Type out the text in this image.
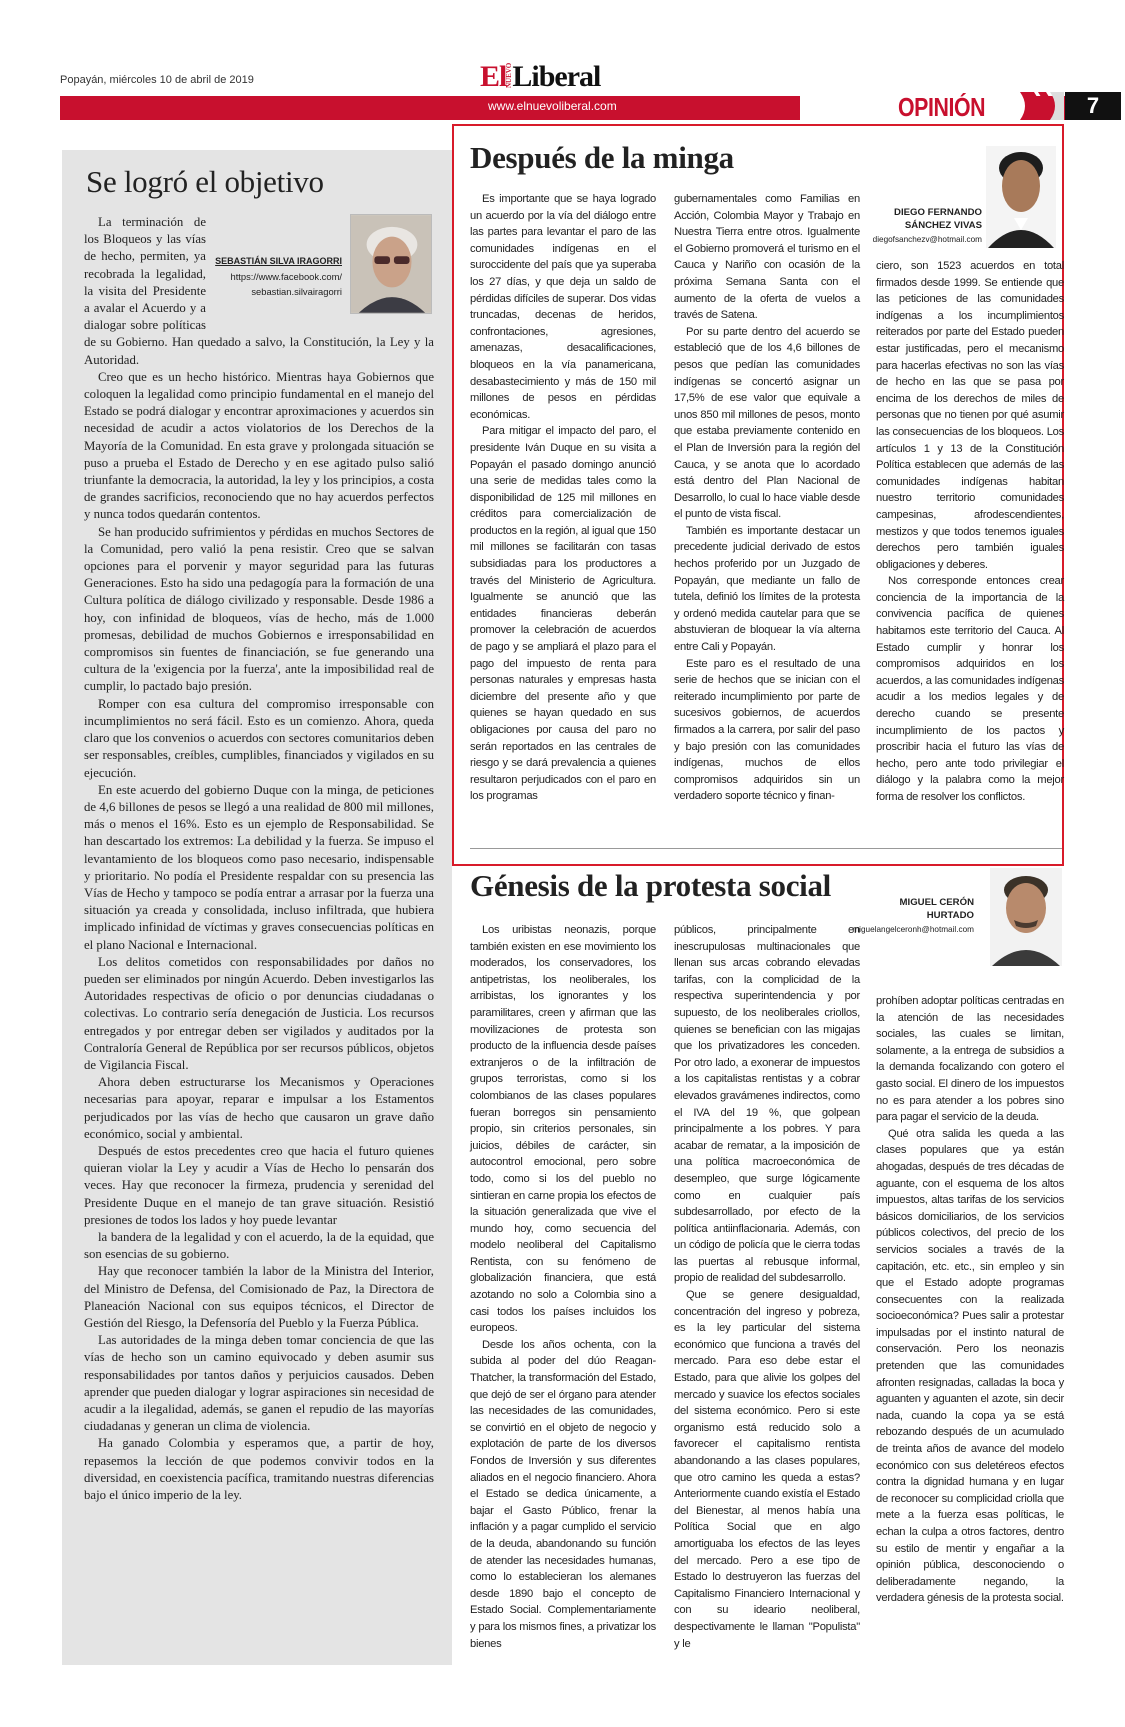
Popayán, miércoles 10 de abril de 2019	ElNUEVOLiberal
www.elnuevoliberal.com	OPINIÓN	7
Se logró el objetivo
SEBASTIÁN SILVA IRAGORRI
https://www.facebook.com/
sebastian.silvairagorri

La terminación de los Bloqueos y las vías de hecho, permiten, ya recobrada la legalidad, la visita del Presidente a avalar el Acuerdo y a dialogar sobre políticas de su Gobierno. Han quedado a salvo, la Constitución, la Ley y la Autoridad.

Creo que es un hecho histórico. Mientras haya Gobiernos que coloquen la legalidad como principio fundamental en el manejo del Estado se podrá dialogar y encontrar aproximaciones y acuerdos sin necesidad de acudir a actos violatorios de los Derechos de la Mayoría de la Comunidad. En esta grave y prolongada situación se puso a prueba el Estado de Derecho y en ese agitado pulso salió triunfante la democracia, la autoridad, la ley y los principios, a costa de grandes sacrificios, reconociendo que no hay acuerdos perfectos y nunca todos quedarán contentos.

Se han producido sufrimientos y pérdidas en muchos Sectores de la Comunidad, pero valió la pena resistir. Creo que se salvan opciones para el porvenir y mayor seguridad para las futuras Generaciones. Esto ha sido una pedagogía para la formación de una Cultura política de diálogo civilizado y responsable. Desde 1986 a hoy, con infinidad de bloqueos, vías de hecho, más de 1.000 promesas, debilidad de muchos Gobiernos e irresponsabilidad en compromisos sin fuentes de financiación, se fue generando una cultura de la 'exigencia por la fuerza', ante la imposibilidad real de cumplir, lo pactado bajo presión.

Romper con esa cultura del compromiso irresponsable con incumplimientos no será fácil. Esto es un comienzo. Ahora, queda claro que los convenios o acuerdos con sectores comunitarios deben ser responsables, creíbles, cumplibles, financiados y vigilados en su ejecución.

En este acuerdo del gobierno Duque con la minga, de peticiones de 4,6 billones de pesos se llegó a una realidad de 800 mil millones, más o menos el 16%. Esto es un ejemplo de Responsabilidad. Se han descartado los extremos: La debilidad y la fuerza. Se impuso el levantamiento de los bloqueos como paso necesario, indispensable y prioritario. No podía el Presidente respaldar con su presencia las Vías de Hecho y tampoco se podía entrar a arrasar por la fuerza una situación ya creada y consolidada, incluso infiltrada, que hubiera implicado infinidad de víctimas y graves consecuencias políticas en el plano Nacional e Internacional.

Los delitos cometidos con responsabilidades por daños no pueden ser eliminados por ningún Acuerdo. Deben investigarlos las Autoridades respectivas de oficio o por denuncias ciudadanas o colectivas. Lo contrario sería denegación de Justicia. Los recursos entregados y por entregar deben ser vigilados y auditados por la Contraloría General de República por ser recursos públicos, objetos de Vigilancia Fiscal.

Ahora deben estructurarse los Mecanismos y Operaciones necesarias para apoyar, reparar e impulsar a los Estamentos perjudicados por las vías de hecho que causaron un grave daño económico, social y ambiental.

Después de estos precedentes creo que hacia el futuro quienes quieran violar la Ley y acudir a Vías de Hecho lo pensarán dos veces. Hay que reconocer la firmeza, prudencia y serenidad del Presidente Duque en el manejo de tan grave situación. Resistió presiones de todos los lados y hoy puede levantar

la bandera de la legalidad y con el acuerdo, la de la equidad, que son esencias de su gobierno.

Hay que reconocer también la labor de la Ministra del Interior, del Ministro de Defensa, del Comisionado de Paz, la Directora de Planeación Nacional con sus equipos técnicos, el Director de Gestión del Riesgo, la Defensoría del Pueblo y la Fuerza Pública.

Las autoridades de la minga deben tomar conciencia de que las vías de hecho son un camino equivocado y deben asumir sus responsabilidades por tantos daños y perjuicios causados. Deben aprender que pueden dialogar y lograr aspiraciones sin necesidad de acudir a la ilegalidad, además, se ganen el repudio de las mayorías ciudadanas y generan un clima de violencia.

Ha ganado Colombia y esperamos que, a partir de hoy, repasemos la lección de que podemos convivir todos en la diversidad, en coexistencia pacífica, tramitando nuestras diferencias bajo el único imperio de la ley.

Después de la minga
DIEGO FERNANDO
SÁNCHEZ VIVAS
diegofsanchezv@hotmail.com

Es importante que se haya logrado un acuerdo por la vía del diálogo entre las partes para levantar el paro de las comunidades indígenas en el suroccidente del país que ya superaba los 27 días, y que deja un saldo de pérdidas difíciles de superar. Dos vidas truncadas, decenas de heridos, confrontaciones, agresiones, amenazas, desacalificaciones, bloqueos en la vía panamericana, desabastecimiento y más de 150 mil millones de pesos en pérdidas económicas.

Para mitigar el impacto del paro, el presidente Iván Duque en su visita a Popayán el pasado domingo anunció una serie de medidas tales como la disponibilidad de 125 mil millones en créditos para comercialización de productos en la región, al igual que 150 mil millones se facilitarán con tasas subsidiadas para los productores a través del Ministerio de Agricultura. Igualmente se anunció que las entidades financieras deberán promover la celebración de acuerdos de pago y se ampliará el plazo para el pago del impuesto de renta para personas naturales y empresas hasta diciembre del presente año y que quienes se hayan quedado en sus obligaciones por causa del paro no serán reportados en las centrales de riesgo y se dará prevalencia a quienes resultaron perjudicados con el paro en los programas

gubernamentales como Familias en Acción, Colombia Mayor y Trabajo en Nuestra Tierra entre otros. Igualmente el Gobierno promoverá el turismo en el Cauca y Nariño con ocasión de la próxima Semana Santa con el aumento de la oferta de vuelos a través de Satena.

Por su parte dentro del acuerdo se estableció que de los 4,6 billones de pesos que pedían las comunidades indígenas se concertó asignar un 17,5% de ese valor que equivale a unos 850 mil millones de pesos, monto que estaba previamente contenido en el Plan de Inversión para la región del Cauca, y se anota que lo acordado está dentro del Plan Nacional de Desarrollo, lo cual lo hace viable desde el punto de vista fiscal.

También es importante destacar un precedente judicial derivado de estos hechos proferido por un Juzgado de Popayán, que mediante un fallo de tutela, definió los límites de la protesta y ordenó medida cautelar para que se abstuvieran de bloquear la vía alterna entre Cali y Popayán.

Este paro es el resultado de una serie de hechos que se inician con el reiterado incumplimiento por parte de sucesivos gobiernos, de acuerdos firmados a la carrera, por salir del paso y bajo presión con las comunidades indígenas, muchos de ellos compromisos adquiridos sin un verdadero soporte técnico y finan-

ciero, son 1523 acuerdos en total firmados desde 1999. Se entiende que las peticiones de las comunidades indígenas a los incumplimientos reiterados por parte del Estado pueden estar justificadas, pero el mecanismo para hacerlas efectivas no son las vías de hecho en las que se pasa por encima de los derechos de miles de personas que no tienen por qué asumir las consecuencias de los bloqueos. Los artículos 1 y 13 de la Constitución Política establecen que además de las comunidades indígenas habitan nuestro territorio comunidades campesinas, afrodescendientes, mestizos y que todos tenemos iguales derechos pero también iguales obligaciones y deberes.

Nos corresponde entonces crear conciencia de la importancia de la convivencia pacífica de quienes habitamos este territorio del Cauca. Al Estado cumplir y honrar los compromisos adquiridos en los acuerdos, a las comunidades indígenas acudir a los medios legales y de derecho cuando se presente incumplimiento de los pactos y proscribir hacia el futuro las vías de hecho, pero ante todo privilegiar el diálogo y la palabra como la mejor forma de resolver los conflictos.

Génesis de la protesta social	MIGUEL CERÓN
HURTADO
miguelangelceronh@hotmail.com

Los uribistas neonazis, porque también existen en ese movimiento los moderados, los conservadores, los antipetristas, los neoliberales, los arribistas, los ignorantes y los paramilitares, creen y afirman que las movilizaciones de protesta son producto de la influencia desde países extranjeros o de la infiltración de grupos terroristas, como si los colombianos de las clases populares fueran borregos sin pensamiento propio, sin criterios personales, sin juicios, débiles de carácter, sin autocontrol emocional, pero sobre todo, como si los del pueblo no sintieran en carne propia los efectos de la situación generalizada que vive el mundo hoy, como secuencia del modelo neoliberal del Capitalismo Rentista, con su fenómeno de globalización financiera, que está azotando no solo a Colombia sino a casi todos los países incluidos los europeos.

Desde los años ochenta, con la subida al poder del dúo Reagan-Thatcher, la transformación del Estado, que dejó de ser el órgano para atender las necesidades de las comunidades, se convirtió en el objeto de negocio y explotación de parte de los diversos Fondos de Inversión y sus diferentes aliados en el negocio financiero. Ahora el Estado se dedica únicamente, a bajar el Gasto Público, frenar la inflación y a pagar cumplido el servicio de la deuda, abandonando su función de atender las necesidades humanas, como lo establecieran los alemanes desde 1890 bajo el concepto de Estado Social. Complementariamente y para los mismos fines, a privatizar los bienes

públicos, principalmente en inescrupulosas multinacionales que llenan sus arcas cobrando elevadas tarifas, con la complicidad de la respectiva superintendencia y por supuesto, de los neoliberales criollos, quienes se benefician con las migajas que los privatizadores les conceden. Por otro lado, a exonerar de impuestos a los capitalistas rentistas y a cobrar elevados gravámenes indirectos, como el IVA del 19 %, que golpean principalmente a los pobres. Y para acabar de rematar, a la imposición de una política macroeconómica de desempleo, que surge lógicamente como en cualquier país subdesarrollado, por efecto de la política antiinflacionaria. Además, con un código de policía que le cierra todas las puertas al rebusque informal, propio de realidad del subdesarrollo.

Que se genere desigualdad, concentración del ingreso y pobreza, es la ley particular del sistema económico que funciona a través del mercado. Para eso debe estar el Estado, para que alivie los golpes del mercado y suavice los efectos sociales del sistema económico. Pero si este organismo está reducido solo a favorecer el capitalismo rentista abandonando a las clases populares, que otro camino les queda a estas? Anteriormente cuando existía el Estado del Bienestar, al menos había una Política Social que en algo amortiguaba los efectos de las leyes del mercado. Pero a ese tipo de Estado lo destruyeron las fuerzas del Capitalismo Financiero Internacional y con su ideario neoliberal, despectivamente le llaman "Populista" y le

prohíben adoptar políticas centradas en la atención de las necesidades sociales, las cuales se limitan, solamente, a la entrega de subsidios a la demanda focalizando con gotero el gasto social. El dinero de los impuestos no es para atender a los pobres sino para pagar el servicio de la deuda.

Qué otra salida les queda a las clases populares que ya están ahogadas, después de tres décadas de aguante, con el esquema de los altos impuestos, altas tarifas de los servicios básicos domiciliarios, de los servicios públicos colectivos, del precio de los servicios sociales a través de la capitación, etc. etc., sin empleo y sin que el Estado adopte programas consecuentes con la realizada socioeconómica? Pues salir a protestar impulsadas por el instinto natural de conservación. Pero los neonazis pretenden que las comunidades afronten resignadas, calladas la boca y aguanten y aguanten el azote, sin decir nada, cuando la copa ya se está rebozando después de un acumulado de treinta años de avance del modelo económico con sus deletéreos efectos contra la dignidad humana y en lugar de reconocer su complicidad criolla que mete a la fuerza esas políticas, le echan la culpa a otros factores, dentro su estilo de mentir y engañar a la opinión pública, desconociendo o deliberadamente negando, la verdadera génesis de la protesta social.
